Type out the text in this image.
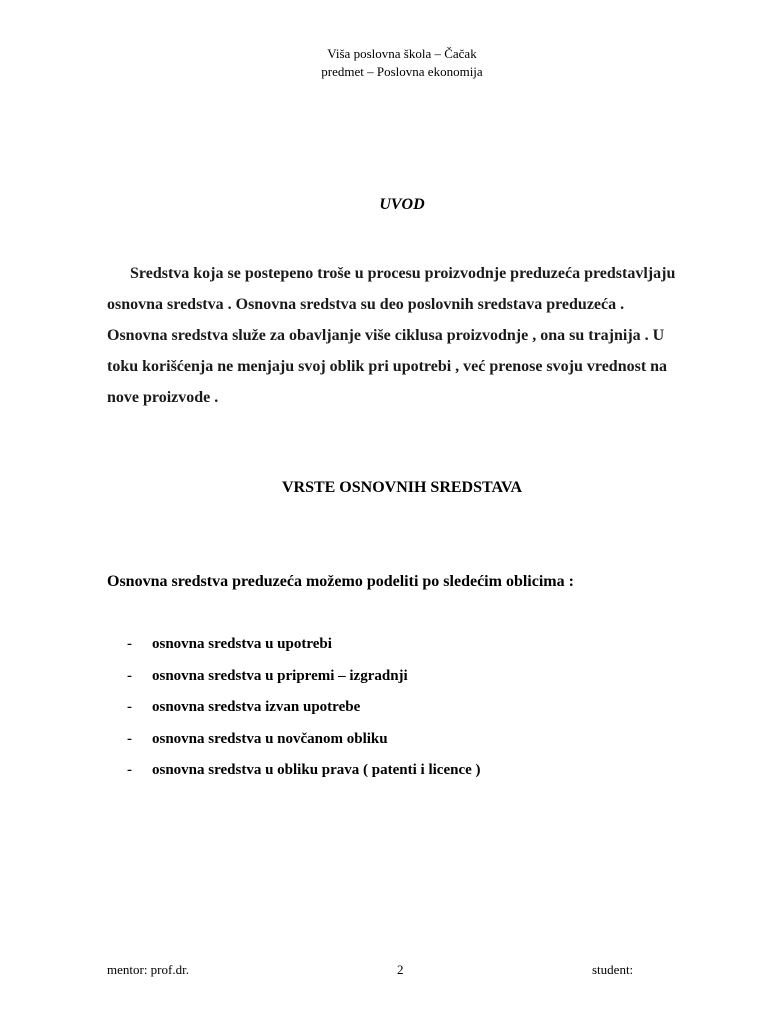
Viša poslovna škola – Čačak
predmet – Poslovna ekonomija
UVOD
Sredstva koja se postepeno troše u procesu proizvodnje preduzeća predstavljaju
osnovna sredstva . Osnovna sredstva su deo poslovnih sredstava preduzeća .
Osnovna sredstva služe za obavljanje više ciklusa proizvodnje , ona su trajnija . U
toku korišćenja ne menjaju svoj oblik pri upotrebi , već prenose svoju vrednost na
nove proizvode .
VRSTE OSNOVNIH SREDSTAVA
Osnovna sredstva preduzeća možemo podeliti po sledećim oblicima :
- osnovna sredstva u upotrebi
- osnovna sredstva u pripremi – izgradnji
- osnovna sredstva izvan upotrebe
- osnovna sredstva u novčanom obliku
- osnovna sredstva u obliku prava ( patenti i licence )
mentor: prof.dr.	2	student:
